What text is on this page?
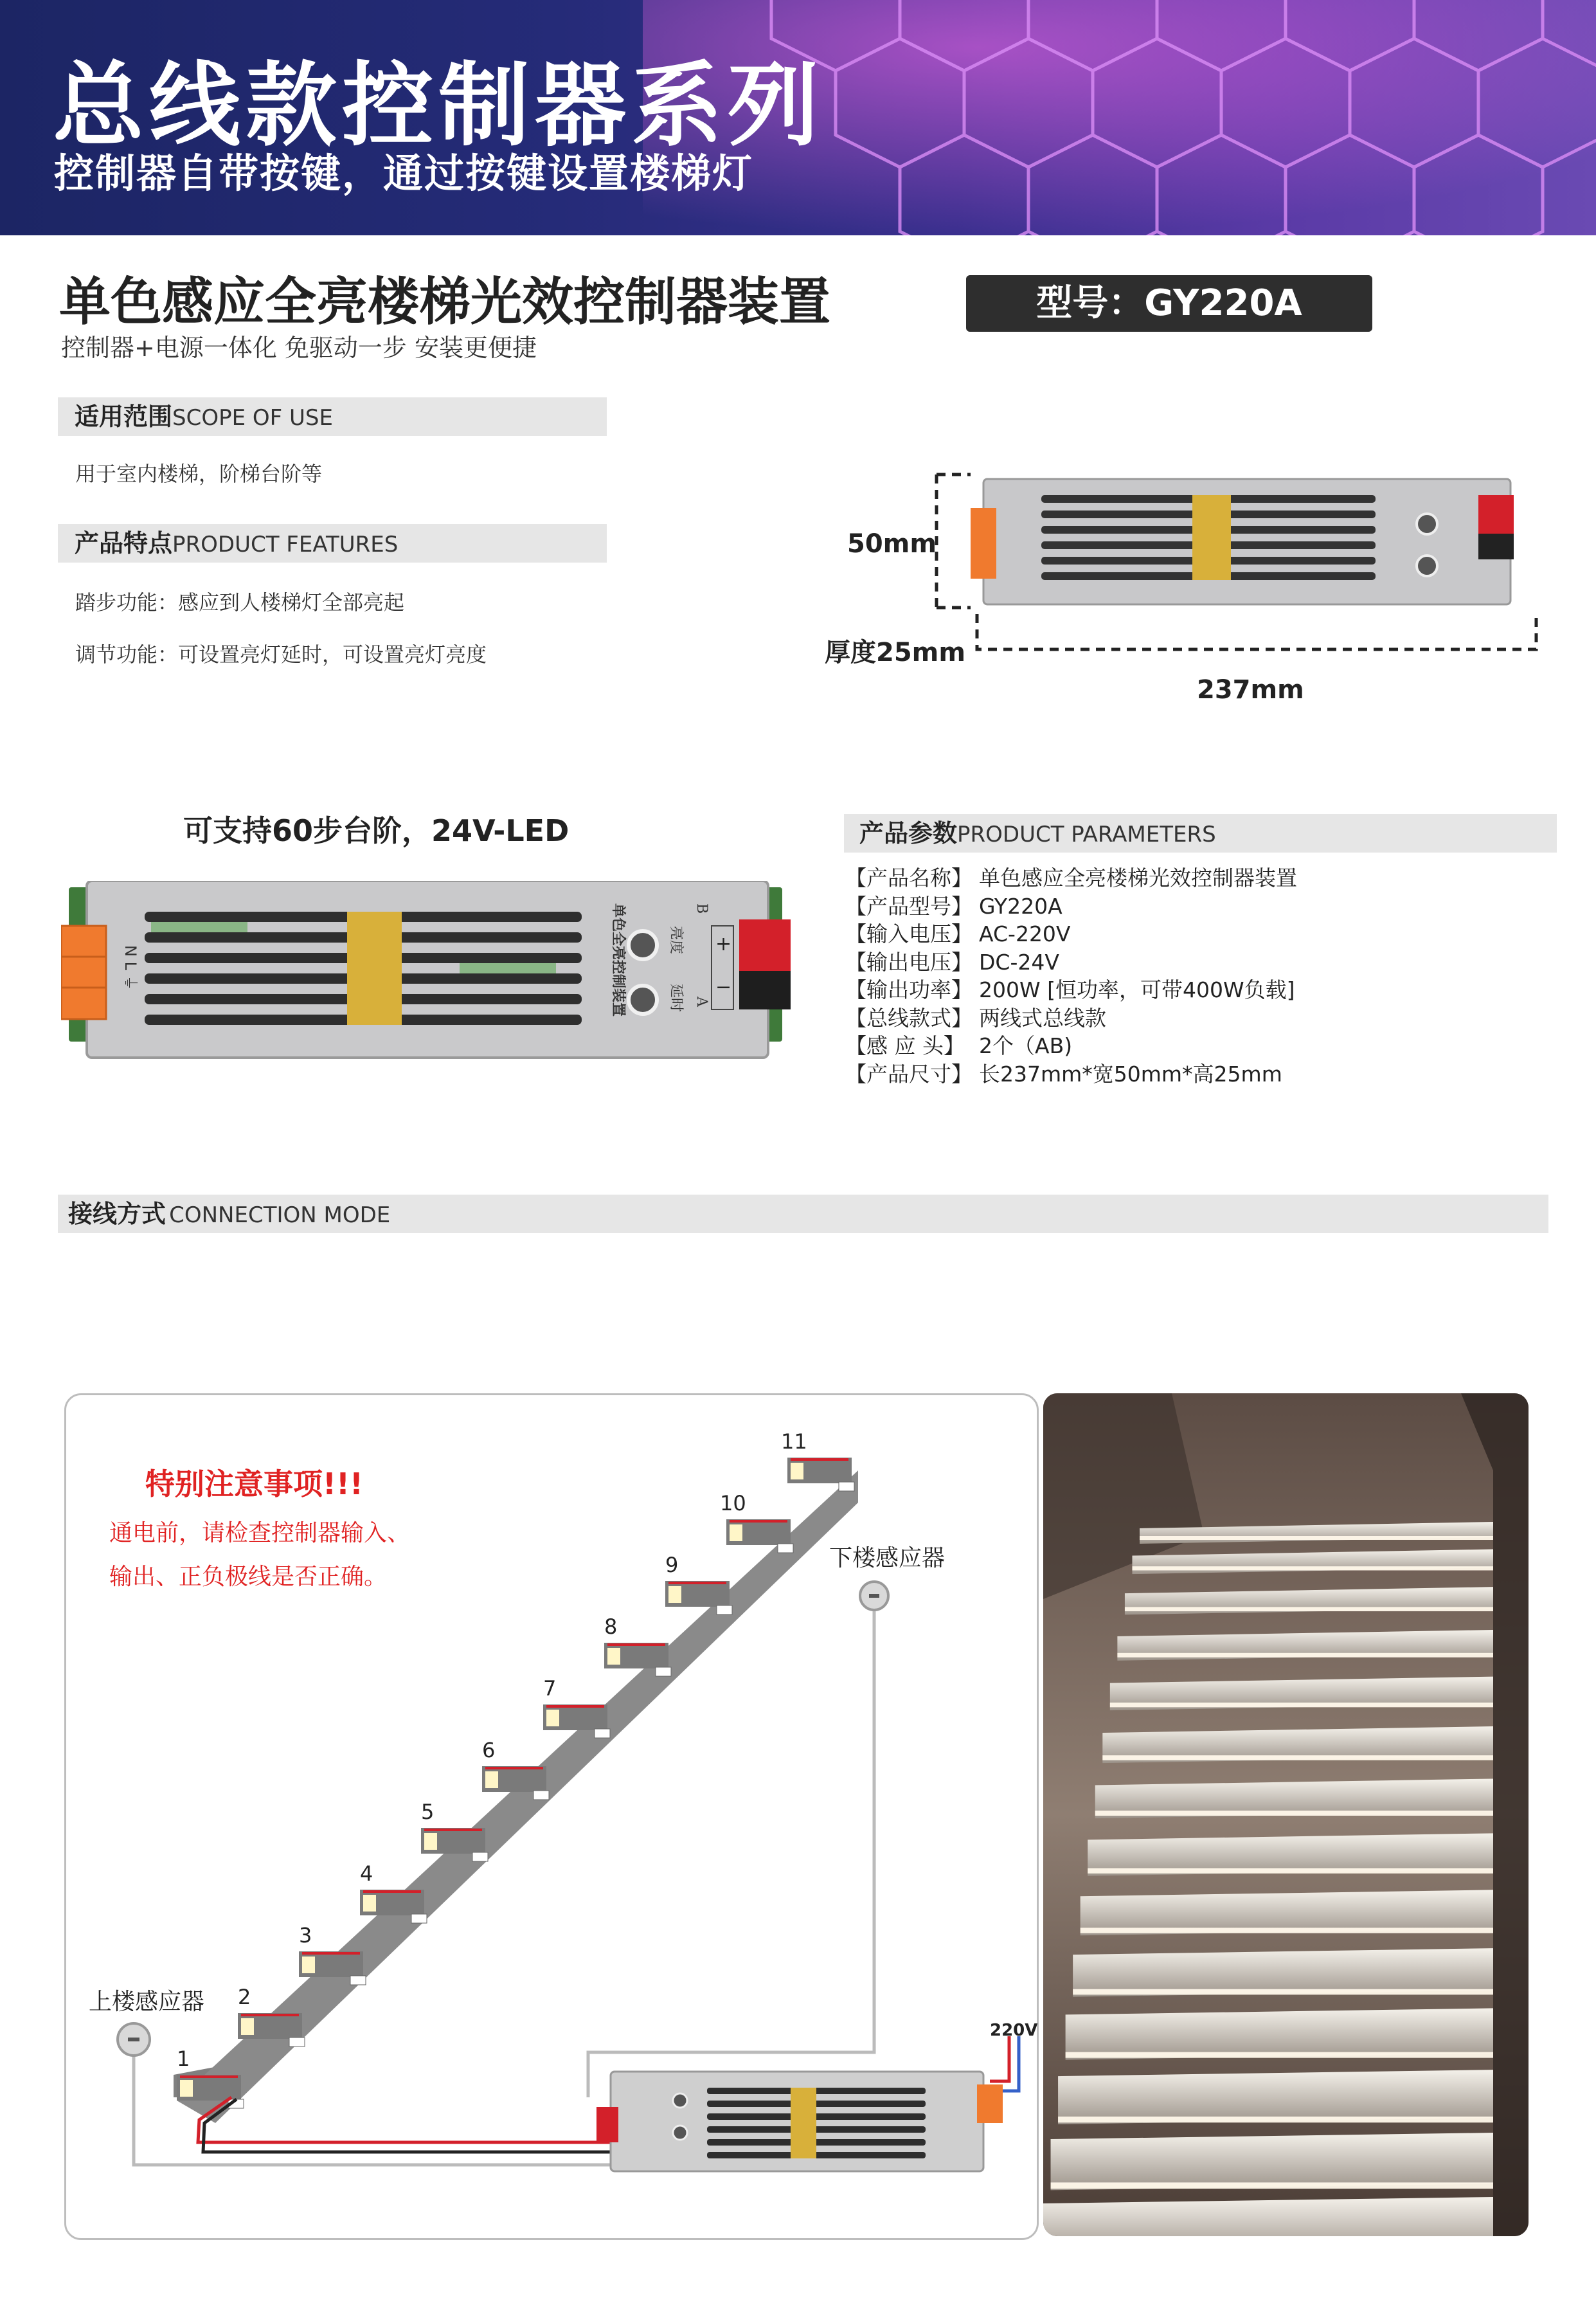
总线款控制器系列
控制器自带按键，通过按键设置楼梯灯
单色感应全亮楼梯光效控制器装置
控制器+电源一体化 免驱动一步 安装更便捷
型号：GY220A
适用范围SCOPE OF USE
用于室内楼梯，阶梯台阶等
产品特点PRODUCT FEATURES
踏步功能：感应到人楼梯灯全部亮起
调节功能：可设置亮灯延时，可设置亮灯亮度
50mm
厚度25mm
237mm
可支持60步台阶，24V-LED
N L ⏚	单色全亮控制装置	亮度
延时
B
A
+
−
产品参数PRODUCT PARAMETERS
【产品名称】 单色感应全亮楼梯光效控制器装置
【产品型号】 GY220A
【输入电压】 AC-220V
【输出电压】 DC-24V
【输出功率】 200W [恒功率，可带400W负载]
【总线款式】 两线式总线款
【感 应 头】 2个（AB)
【产品尺寸】 长237mm*宽50mm*高25mm
接线方式 CONNECTION MODE
1
2
3
4
5
6
7
8
9
10
11
特别注意事项!!!
通电前，请检查控制器输入、
输出、正负极线是否正确。
下楼感应器
上楼感应器
220V
